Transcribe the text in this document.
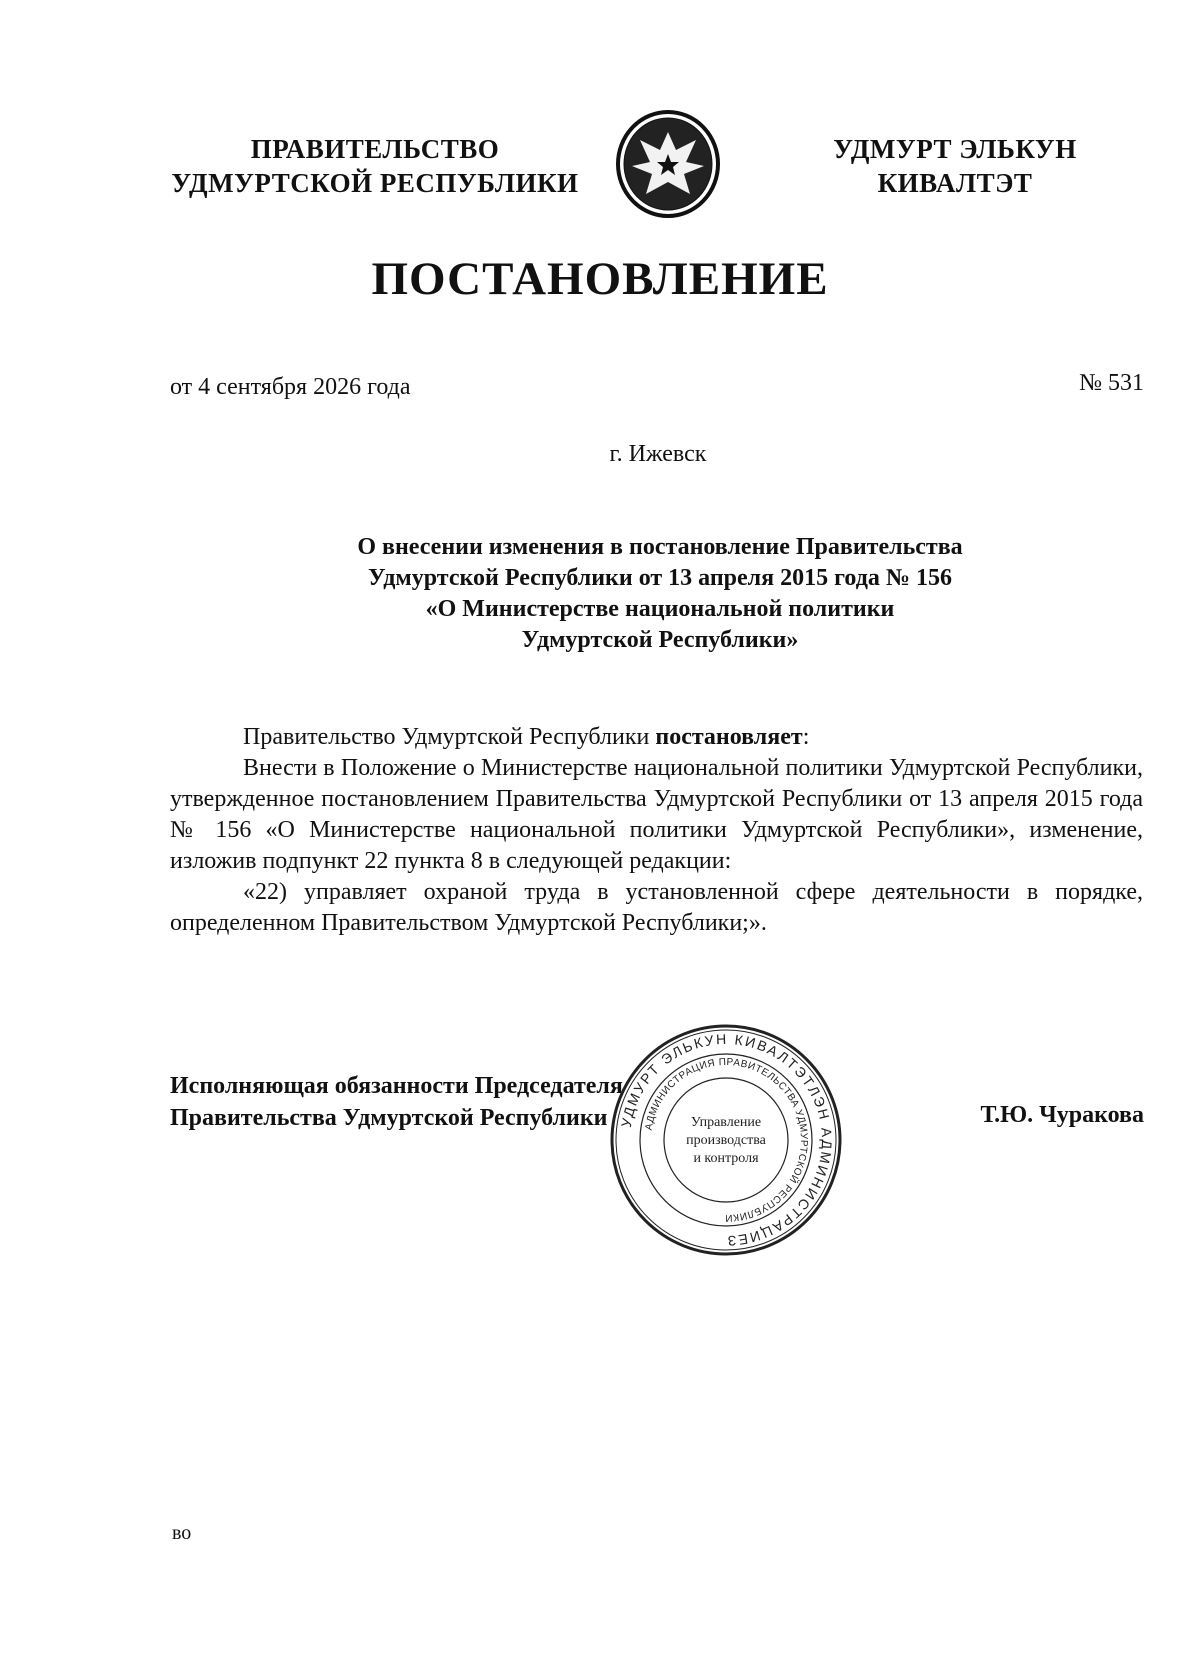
ПРАВИТЕЛЬСТВО
УДМУРТСКОЙ РЕСПУБЛИКИ
УДМУРТ ЭЛЬКУН
КИВАЛТЭТ
ПОСТАНОВЛЕНИЕ
от 4 сентября 2026 года	№ 531
г. Ижевск
О внесении изменения в постановление Правительства
Удмуртской Республики от 13 апреля 2015 года № 156
«О Министерстве национальной политики
Удмуртской Республики»

Правительство Удмуртской Республики постановляет:

Внести в Положение о Министерстве национальной политики Удмуртской Республики, утвержденное постановлением Правительства Удмуртской Республики от 13 апреля 2015 года № 156 «О Министерстве национальной политики Удмуртской Республики», изменение, изложив подпункт 22 пункта 8 в следующей редакции:

«22) управляет охраной труда в установленной сфере деятельности в порядке, определенном Правительством Удмуртской Республики;».

Исполняющая обязанности Председателя
Правительства Удмуртской Республики	Т.Ю. Чуракова
УДМУРТ ЭЛЬКУН КИВАЛТЭТЛЭН АДМИНИСТРАЦИЕЗ
АДМИНИСТРАЦИЯ ПРАВИТЕЛЬСТВА УДМУРТСКОЙ РЕСПУБЛИКИ
Управление
производства
и контроля
во
